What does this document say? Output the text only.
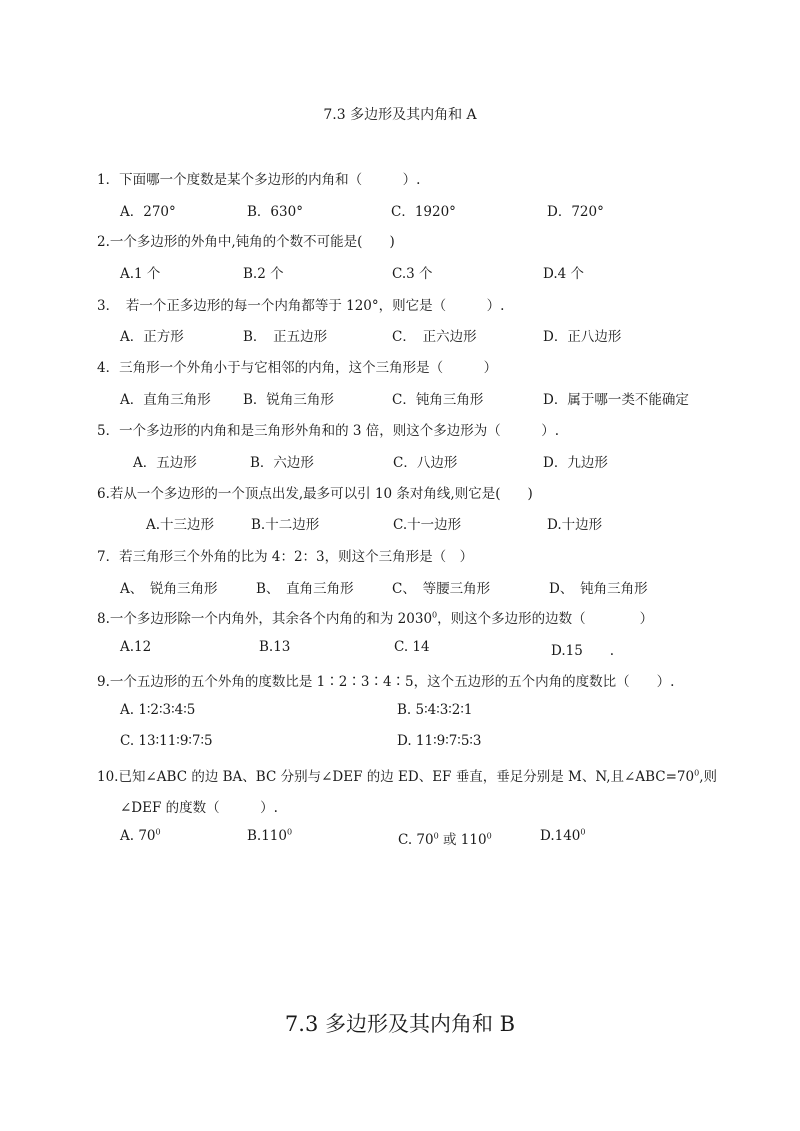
7.3 多边形及其内角和 A
1．下面哪一个度数是某个多边形的内角和（　　　）.
A．270°	B．630°	C．1920°	D．720°
2.一个多边形的外角中,钝角的个数不可能是(　　)
A.1 个	B.2 个	C.3 个	D.4 个
3．　若一个正多边形的每一个内角都等于 120°，则它是（　　　）.
A．正方形	B．　正五边形	C．　正六边形	D．正八边形
4．三角形一个外角小于与它相邻的内角，这个三角形是（　　　）
A．直角三角形 B．锐角三角形	C．钝角三角形	D．属于哪一类不能确定
5．一个多边形的内角和是三角形外角和的 3 倍，则这个多边形为（　　　）.
A．五边形	B．六边形	C．八边形	D．九边形
6.若从一个多边形的一个顶点出发,最多可以引 10 条对角线,则它是(　　)
A.十三边形	B.十二边形	C.十一边形	D.十边形
7．若三角形三个外角的比为 4：2：3，则这个三角形是（　）
A、　锐角三角形	B、　直角三角形	C、　等腰三角形	D、　钝角三角形
8.一个多边形除一个内角外，其余各个内角的和为 2030$^0$，则这个多边形的边数（　　　　）
A.12	B.13	C. 14	D.15　　.
9.一个五边形的五个外角的度数比是 1∶2∶3∶4∶5，这个五边形的五个内角的度数比（　　）.
A. 1∶2∶3∶4∶5	B. 5∶4∶3∶2∶1
C. 13∶11∶9∶7∶5	D. 11∶9∶7∶5∶3
10.已知∠ABC 的边 BA、BC 分别与∠DEF 的边 ED、EF 垂直，垂足分别是 M、N,且$\angle ABC=70^0$,则
∠DEF 的度数（　　　）.
A. $70^0$	B.110$^0$	C. $70^0$ 或 $110^0$	D.140$^0$
7.3 多边形及其内角和 B
